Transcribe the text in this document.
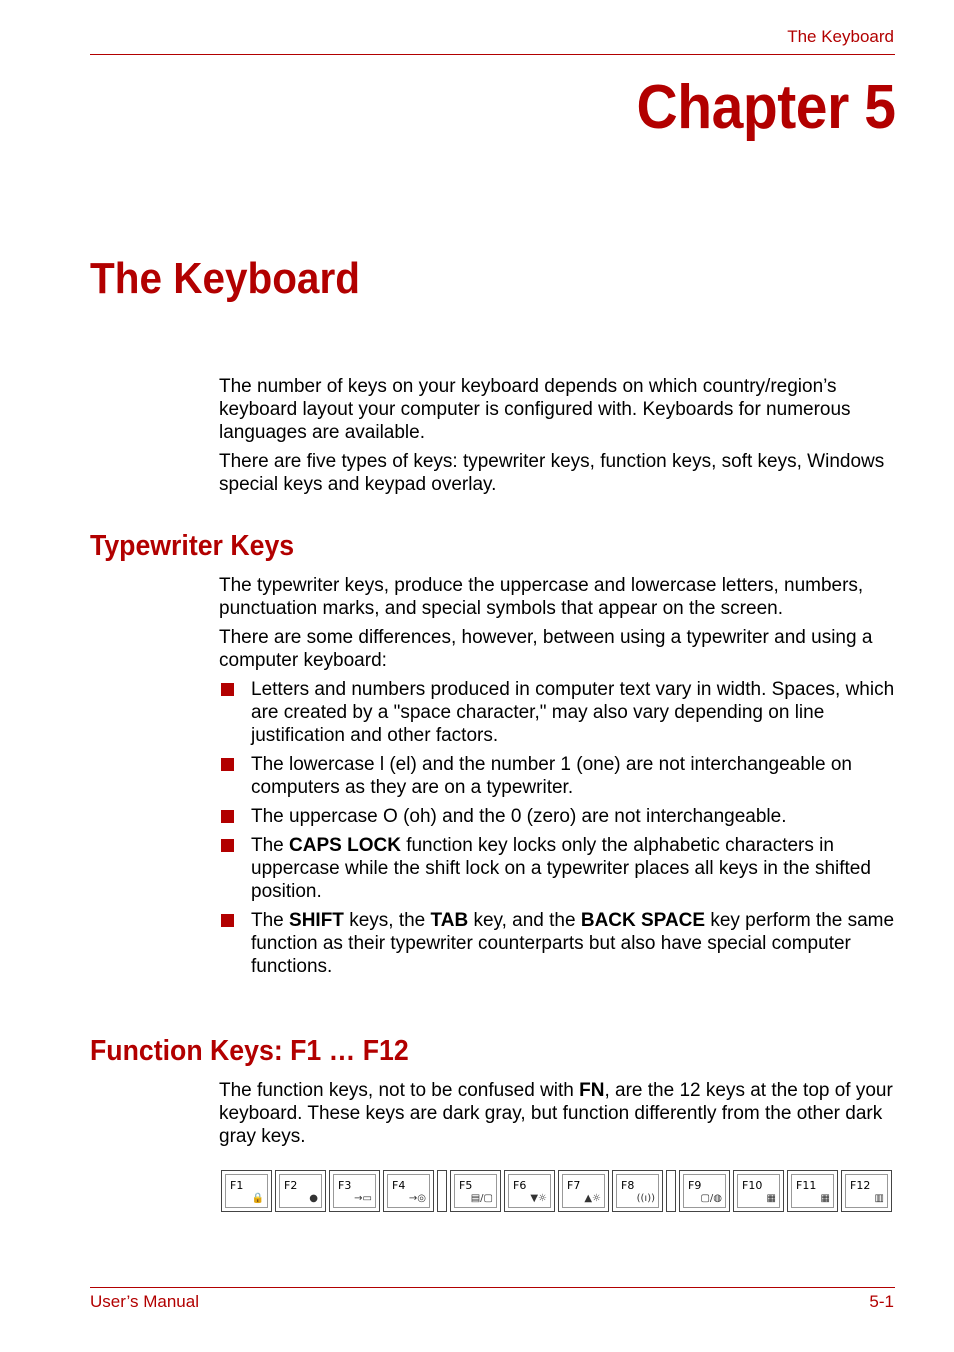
The Keyboard
Chapter 5
The Keyboard

The number of keys on your keyboard depends on which country/region’s keyboard layout your computer is configured with. Keyboards for numerous languages are available.

There are five types of keys: typewriter keys, function keys, soft keys, Windows special keys and keypad overlay.

Typewriter Keys

The typewriter keys, produce the uppercase and lowercase letters, numbers, punctuation marks, and special symbols that appear on the screen.

There are some differences, however, between using a typewriter and using a computer keyboard:

Letters and numbers produced in computer text vary in width. Spaces, which are created by a "space character," may also vary depending on line justification and other factors.
The lowercase l (el) and the number 1 (one) are not interchangeable on computers as they are on a typewriter.
The uppercase O (oh) and the 0 (zero) are not interchangeable.
The CAPS LOCK function key locks only the alphabetic characters in uppercase while the shift lock on a typewriter places all keys in the shifted position.
The SHIFT keys, the TAB key, and the BACK SPACE key perform the same function as their typewriter counterparts but also have special computer functions.
Function Keys: F1 … F12

The function keys, not to be confused with FN, are the 12 keys at the top of your keyboard. These keys are dark gray, but function differently from the other dark gray keys.

F1
🔒
F2
●
F3
→▭
F4
→◎
F5
▤/▢
F6
▼☼
F7
▲☼
F8
((ı))
F9
▢/◍
F10
▦
F11
▦
F12
▥
User’s Manual	5-1
